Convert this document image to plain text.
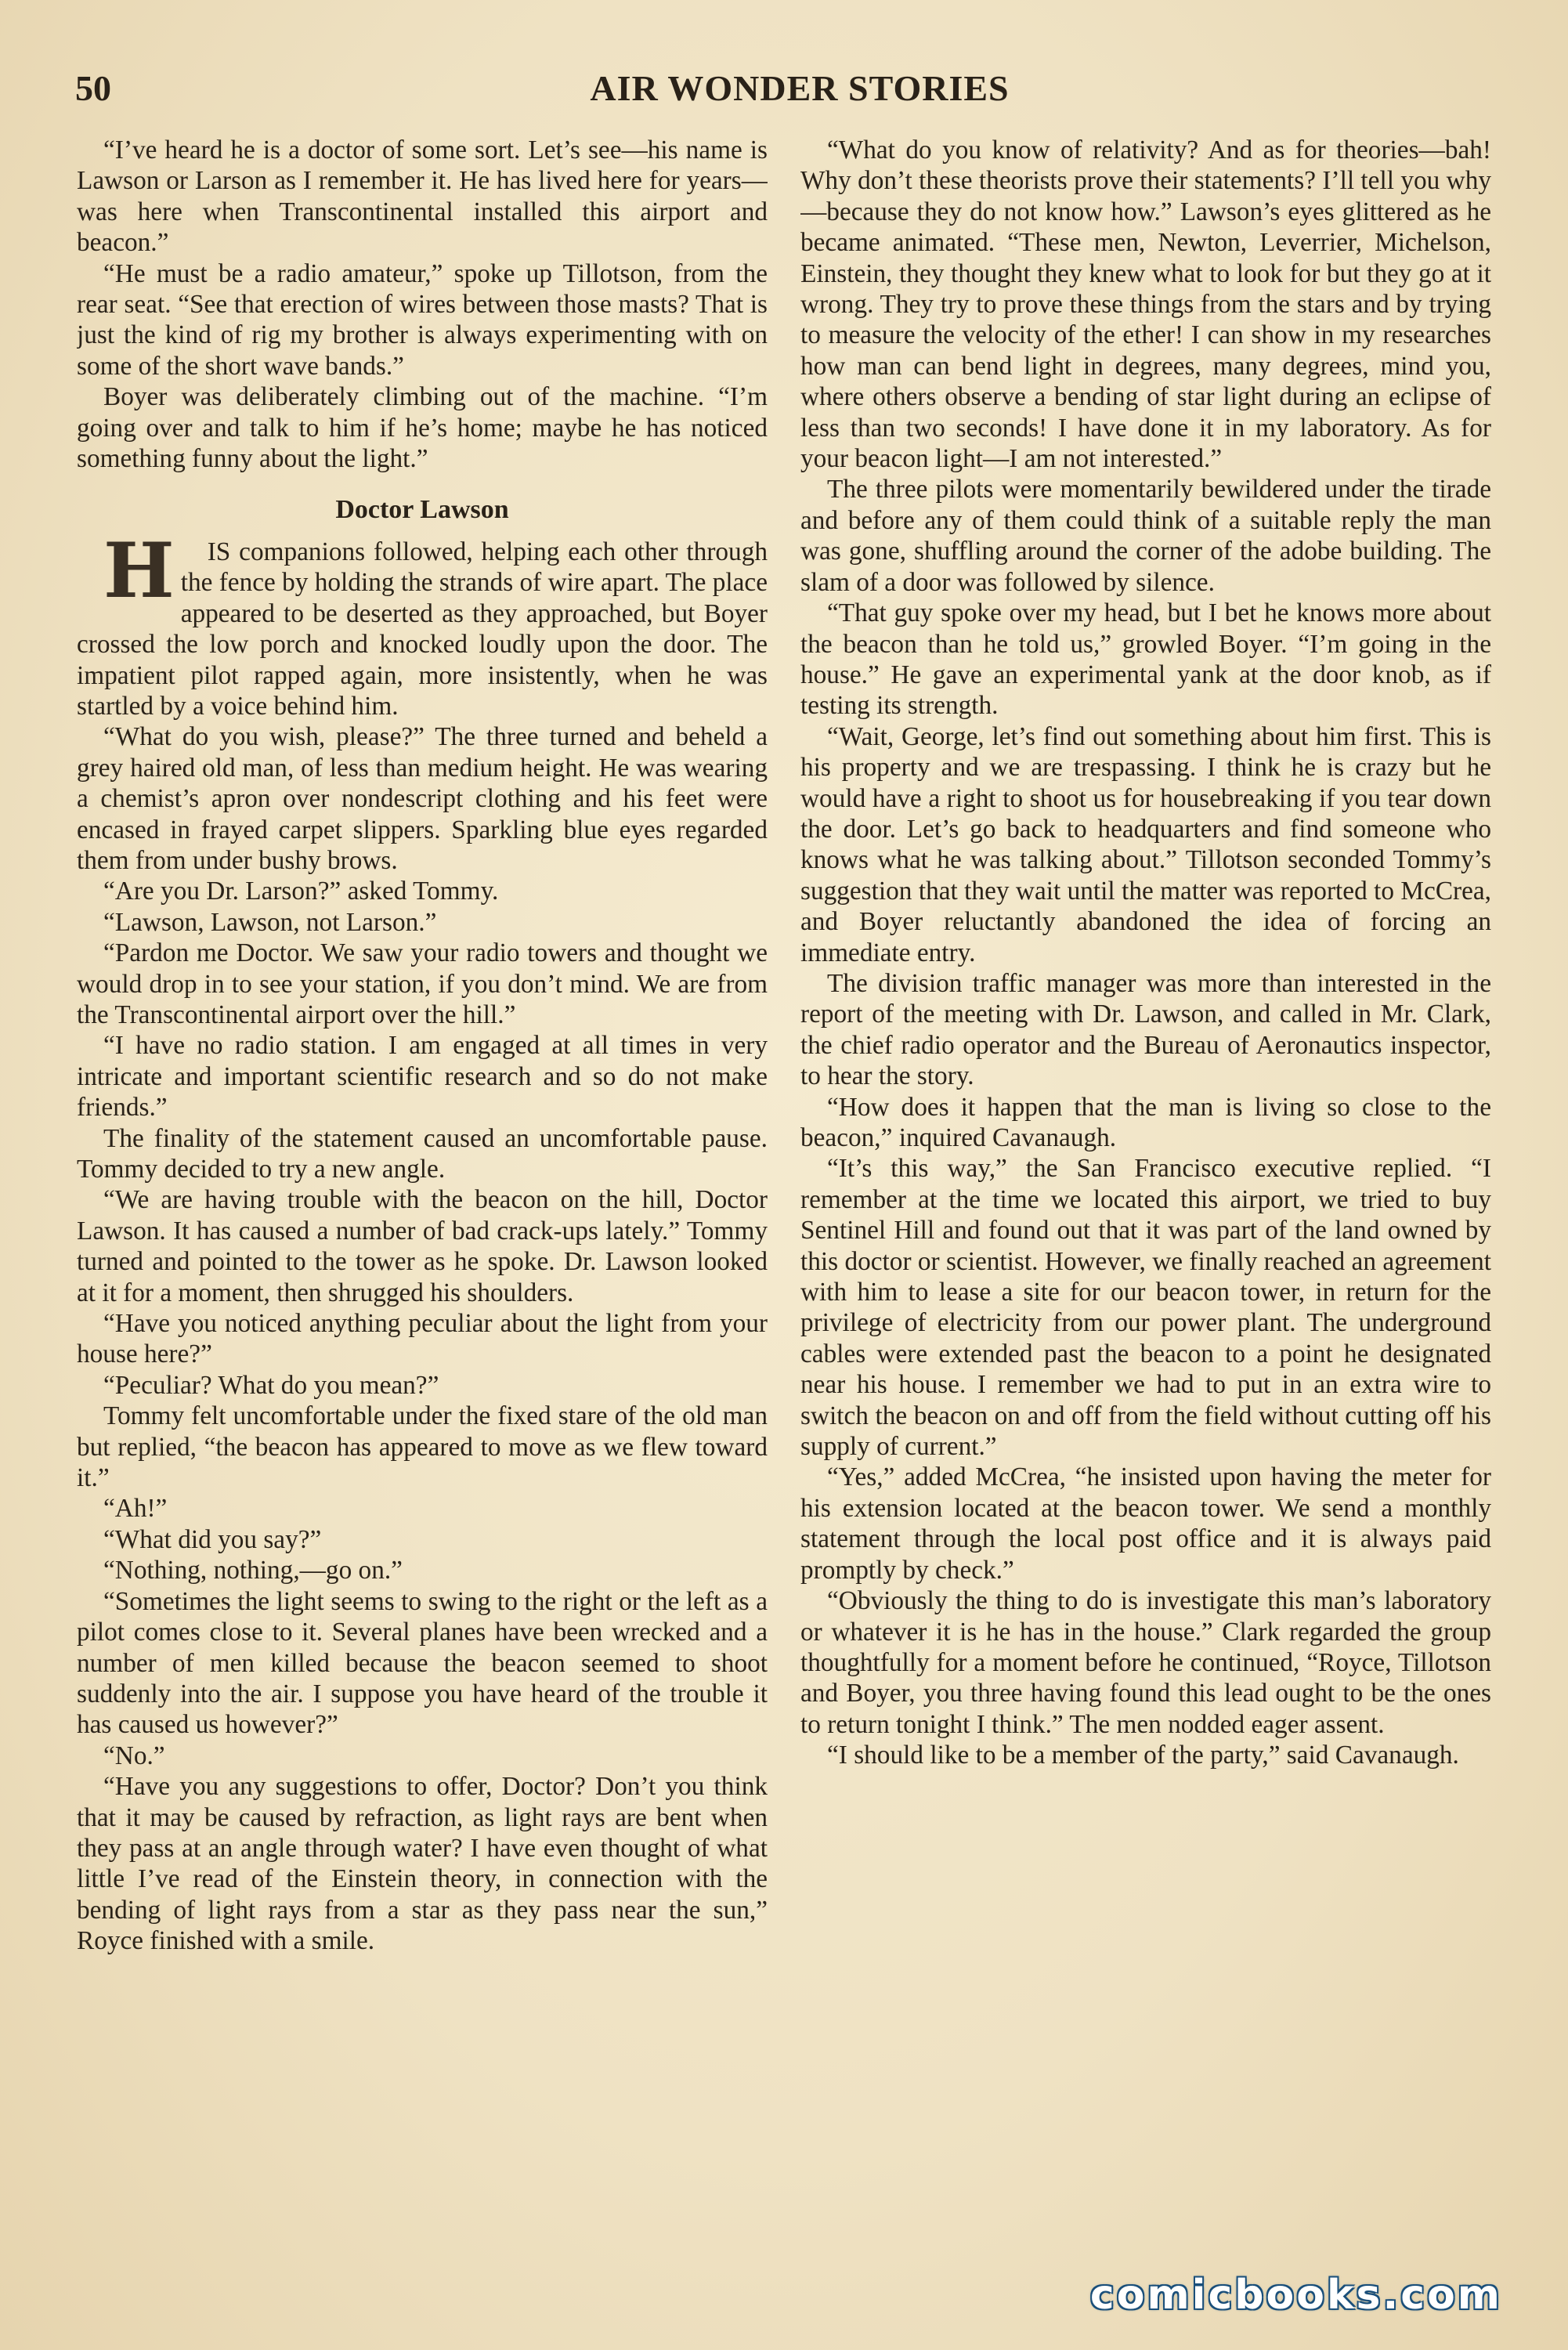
50	AIR WONDER STORIES

“I’ve heard he is a doctor of some sort. Let’s see—his name is Lawson or Larson as I remember it. He has lived here for years—was here when Transcontinental installed this airport and beacon.”

“He must be a radio amateur,” spoke up Tillotson, from the rear seat. “See that erection of wires between those masts? That is just the kind of rig my brother is always experimenting with on some of the short wave bands.”

Boyer was deliberately climbing out of the machine. “I’m going over and talk to him if he’s home; maybe he has noticed something funny about the light.”

Doctor Lawson

H IS companions followed, helping each other through the fence by holding the strands of wire apart. The place appeared to be deserted as they approached, but Boyer crossed the low porch and knocked loudly upon the door. The impatient pilot rapped again, more insistently, when he was startled by a voice behind him.

“What do you wish, please?” The three turned and beheld a grey haired old man, of less than medium height. He was wearing a chemist’s apron over nondescript clothing and his feet were encased in frayed carpet slippers. Sparkling blue eyes regarded them from under bushy brows.

“Are you Dr. Larson?” asked Tommy.

“Lawson, Lawson, not Larson.”

“Pardon me Doctor. We saw your radio towers and thought we would drop in to see your station, if you don’t mind. We are from the Transcontinental airport over the hill.”

“I have no radio station. I am engaged at all times in very intricate and important scientific research and so do not make friends.”

The finality of the statement caused an uncomfortable pause. Tommy decided to try a new angle.

“We are having trouble with the beacon on the hill, Doctor Lawson. It has caused a number of bad crack-ups lately.” Tommy turned and pointed to the tower as he spoke. Dr. Lawson looked at it for a moment, then shrugged his shoulders.

“Have you noticed anything peculiar about the light from your house here?”

“Peculiar? What do you mean?”

Tommy felt uncomfortable under the fixed stare of the old man but replied, “the beacon has appeared to move as we flew toward it.”

“Ah!”

“What did you say?”

“Nothing, nothing,—go on.”

“Sometimes the light seems to swing to the right or the left as a pilot comes close to it. Several planes have been wrecked and a number of men killed because the beacon seemed to shoot suddenly into the air. I suppose you have heard of the trouble it has caused us however?”

“No.”

“Have you any suggestions to offer, Doctor? Don’t you think that it may be caused by refraction, as light rays are bent when they pass at an angle through water? I have even thought of what little I’ve read of the Einstein theory, in connection with the bending of light rays from a star as they pass near the sun,” Royce finished with a smile.

“What do you know of relativity? And as for theories—bah! Why don’t these theorists prove their statements? I’ll tell you why—because they do not know how.” Lawson’s eyes glittered as he became animated. “These men, Newton, Leverrier, Michelson, Einstein, they thought they knew what to look for but they go at it wrong. They try to prove these things from the stars and by trying to measure the velocity of the ether! I can show in my researches how man can bend light in degrees, many degrees, mind you, where others observe a bending of star light during an eclipse of less than two seconds! I have done it in my laboratory. As for your beacon light—I am not interested.”

The three pilots were momentarily bewildered under the tirade and before any of them could think of a suitable reply the man was gone, shuffling around the corner of the adobe building. The slam of a door was followed by silence.

“That guy spoke over my head, but I bet he knows more about the beacon than he told us,” growled Boyer. “I’m going in the house.” He gave an experimental yank at the door knob, as if testing its strength.

“Wait, George, let’s find out something about him first. This is his property and we are trespassing. I think he is crazy but he would have a right to shoot us for housebreaking if you tear down the door. Let’s go back to headquarters and find someone who knows what he was talking about.” Tillotson seconded Tommy’s suggestion that they wait until the matter was reported to McCrea, and Boyer reluctantly abandoned the idea of forcing an immediate entry.

The division traffic manager was more than interested in the report of the meeting with Dr. Lawson, and called in Mr. Clark, the chief radio operator and the Bureau of Aeronautics inspector, to hear the story.

“How does it happen that the man is living so close to the beacon,” inquired Cavanaugh.

“It’s this way,” the San Francisco executive replied. “I remember at the time we located this airport, we tried to buy Sentinel Hill and found out that it was part of the land owned by this doctor or scientist. However, we finally reached an agreement with him to lease a site for our beacon tower, in return for the privilege of electricity from our power plant. The underground cables were extended past the beacon to a point he designated near his house. I remember we had to put in an extra wire to switch the beacon on and off from the field without cutting off his supply of current.”

“Yes,” added McCrea, “he insisted upon having the meter for his extension located at the beacon tower. We send a monthly statement through the local post office and it is always paid promptly by check.”

“Obviously the thing to do is investigate this man’s laboratory or whatever it is he has in the house.” Clark regarded the group thoughtfully for a moment before he continued, “Royce, Tillotson and Boyer, you three having found this lead ought to be the ones to return tonight I think.” The men nodded eager assent.

“I should like to be a member of the party,” said Cavanaugh.

comicbooks.com
